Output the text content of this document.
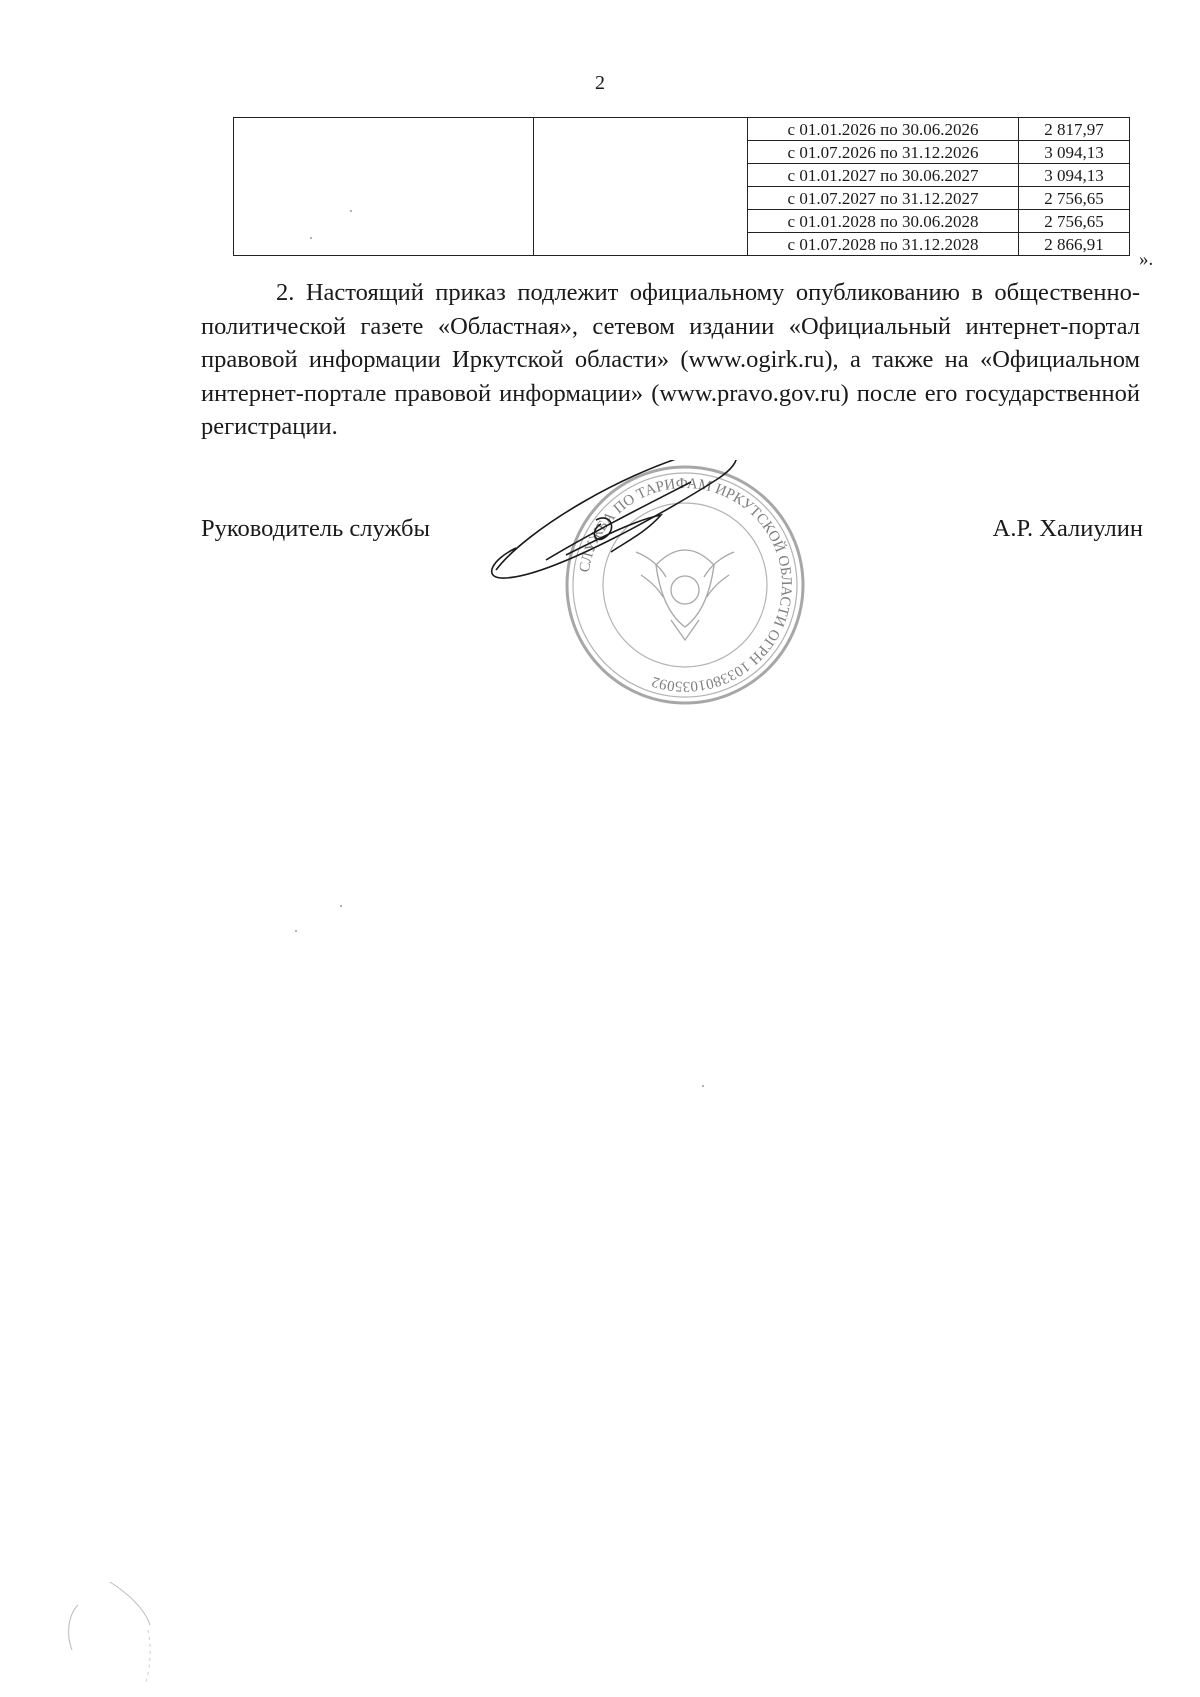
2
		с 01.01.2026 по 30.06.2026	2 817,97
		с 01.07.2026 по 31.12.2026	3 094,13
		с 01.01.2027 по 30.06.2027	3 094,13
		с 01.07.2027 по 31.12.2027	2 756,65
		с 01.01.2028 по 30.06.2028	2 756,65
		с 01.07.2028 по 31.12.2028	2 866,91
».

2. Настоящий приказ подлежит официальному опубликованию в общественно-политической газете «Областная», сетевом издании «Официальный интернет-портал правовой информации Иркутской области» (www.ogirk.ru), а также на «Официальном интернет-портале правовой информации» (www.pravo.gov.ru) после его государственной регистрации.

Руководитель службы	А.Р. Халиулин
СЛУЖБА ПО ТАРИФАМ ИРКУТСКОЙ ОБЛАСТИ ОГРН 1033801035092
